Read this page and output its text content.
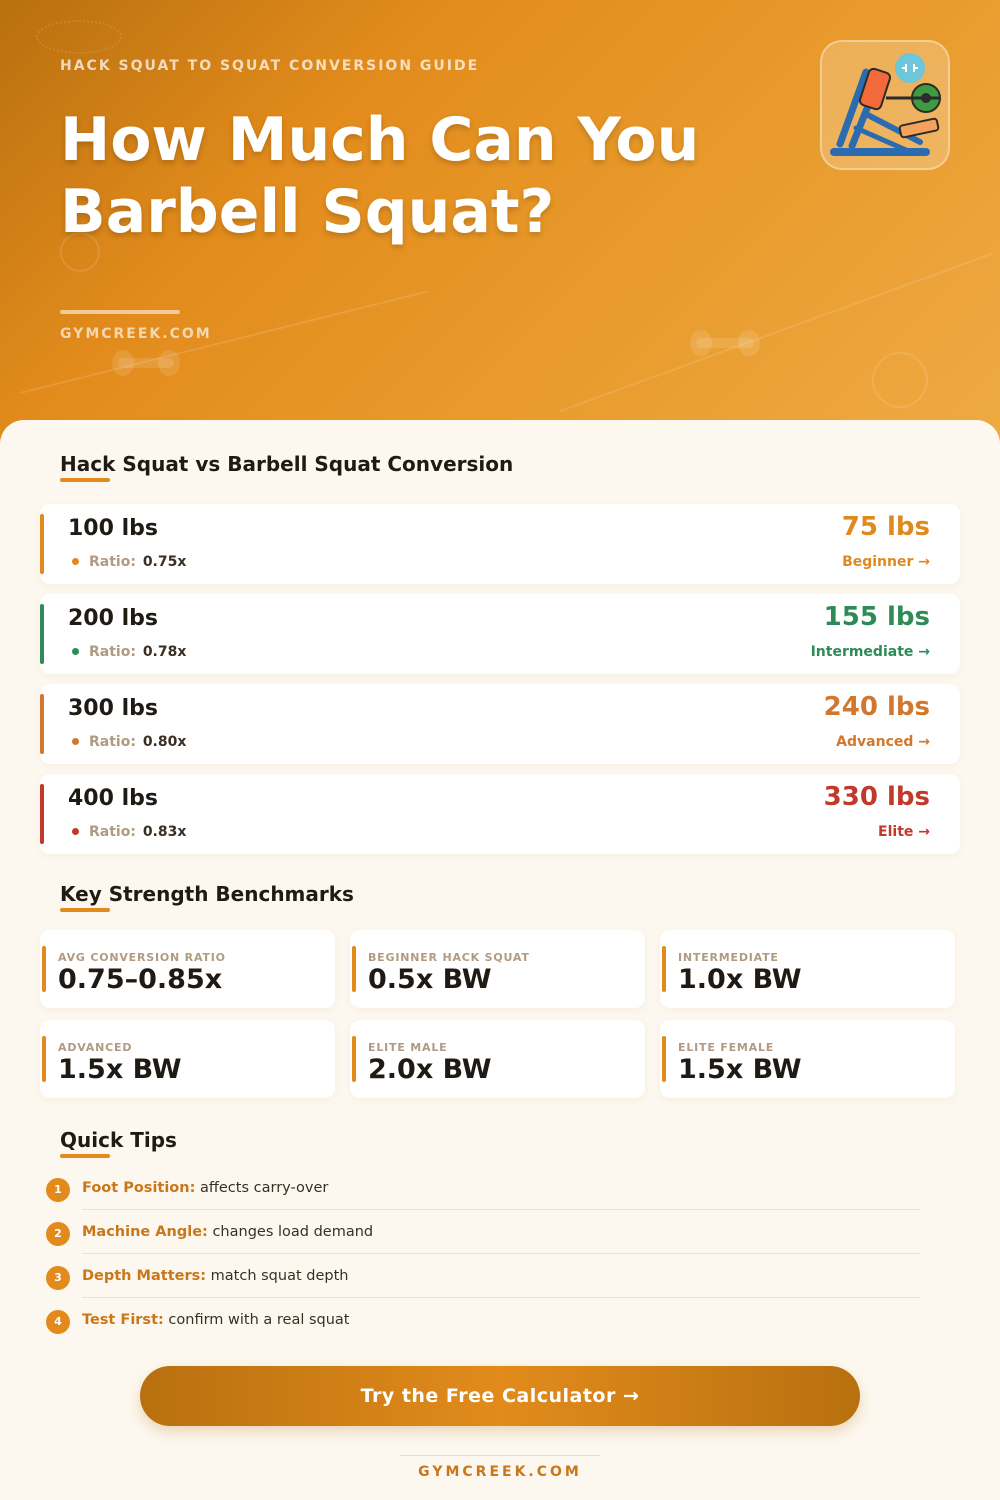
HACK SQUAT TO SQUAT CONVERSION GUIDE
How Much Can You Barbell Squat?
GYMCREEK.COM
Hack Squat vs Barbell Squat Conversion
100 lbs
Ratio: 0.75x
75 lbs
Beginner →
200 lbs
Ratio: 0.78x
155 lbs
Intermediate →
300 lbs
Ratio: 0.80x
240 lbs
Advanced →
400 lbs
Ratio: 0.83x
330 lbs
Elite →
Key Strength Benchmarks
AVG CONVERSION RATIO
0.75–0.85x
BEGINNER HACK SQUAT
0.5x BW
INTERMEDIATE
1.0x BW
ADVANCED
1.5x BW
ELITE MALE
2.0x BW
ELITE FEMALE
1.5x BW
Quick Tips
1	Foot Position: affects carry-over
2	Machine Angle: changes load demand
3	Depth Matters: match squat depth
4	Test First: confirm with a real squat
Try the Free Calculator →
GYMCREEK.COM
